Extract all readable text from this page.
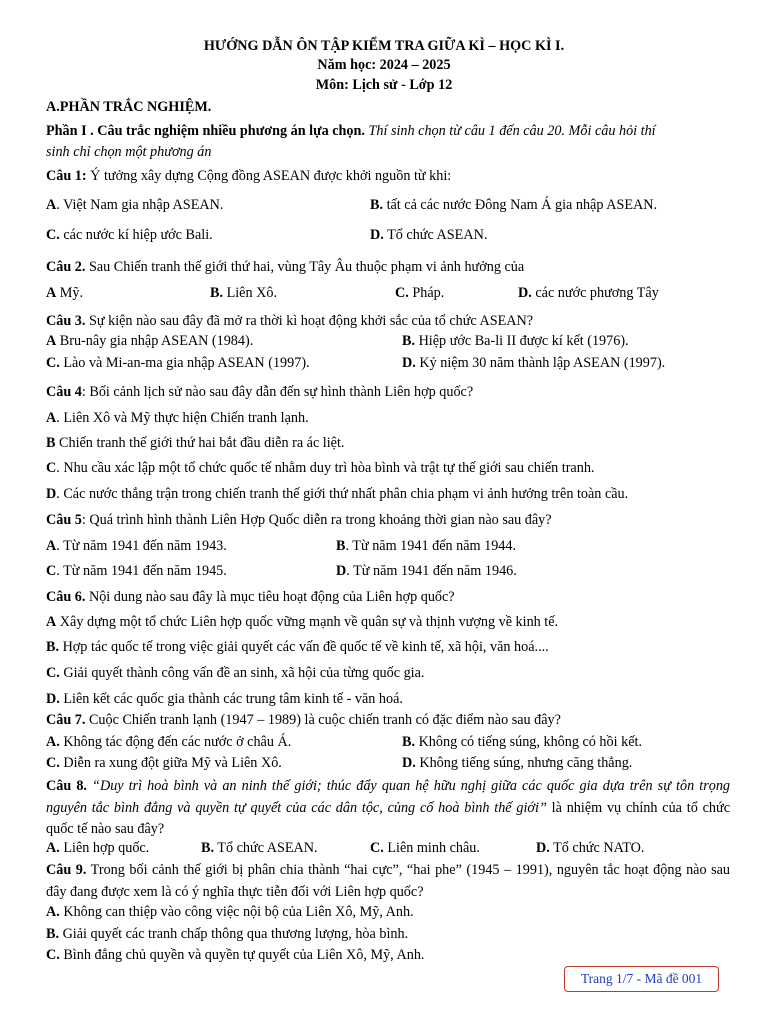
HƯỚNG DẪN ÔN TẬP KIỂM TRA GIỮA KÌ – HỌC KÌ I.
Năm học: 2024 – 2025
Môn: Lịch sử - Lớp 12
A.PHẦN TRẮC NGHIỆM.
Phần I . Câu trắc nghiệm nhiều phương án lựa chọn. Thí sinh chọn từ câu 1 đến câu 20. Mỗi câu hỏi thí
sinh chỉ chọn một phương án
Câu 1: Ý tưởng xây dựng Cộng đồng ASEAN được khởi nguồn từ khi:
A. Việt Nam gia nhập ASEAN.	B. tất cả các nước Đông Nam Á gia nhập ASEAN.
C. các nước kí hiệp ước Bali.	D. Tổ chức ASEAN.
Câu 2. Sau Chiến tranh thế giới thứ hai, vùng Tây Âu thuộc phạm vi ảnh hưởng của
A Mỹ.	B. Liên Xô.	C. Pháp.	D. các nước phương Tây
Câu 3. Sự kiện nào sau đây đã mở ra thời kì hoạt động khởi sắc của tổ chức ASEAN?
A Bru-nây gia nhập ASEAN (1984).	B. Hiệp ước Ba-li II được kí kết (1976).
C. Lào và Mi-an-ma gia nhập ASEAN (1997).	D. Kỷ niệm 30 năm thành lập ASEAN (1997).
Câu 4: Bối cảnh lịch sử nào sau đây dẫn đến sự hình thành Liên hợp quốc?
A. Liên Xô và Mỹ thực hiện Chiến tranh lạnh.
B Chiến tranh thế giới thứ hai bắt đầu diễn ra ác liệt.
C. Nhu cầu xác lập một tổ chức quốc tế nhằm duy trì hòa bình và trật tự thế giới sau chiến tranh.
D. Các nước thắng trận trong chiến tranh thế giới thứ nhất phân chia phạm vi ảnh hưởng trên toàn cầu.
Câu 5: Quá trình hình thành Liên Hợp Quốc diễn ra trong khoảng thời gian nào sau đây?
A. Từ năm 1941 đến năm 1943.	B. Từ năm 1941 đến năm 1944.
C. Từ năm 1941 đến năm 1945.	D. Từ năm 1941 đến năm 1946.
Câu 6. Nội dung nào sau đây là mục tiêu hoạt động của Liên hợp quốc?
A Xây dựng một tổ chức Liên hợp quốc vững mạnh về quân sự và thịnh vượng về kinh tế.
B. Hợp tác quốc tế trong việc giải quyết các vấn đề quốc tế về kinh tế, xã hội, văn hoá....
C. Giải quyết thành công vấn đề an sinh, xã hội của từng quốc gia.
D. Liên kết các quốc gia thành các trung tâm kinh tế - văn hoá.
Câu 7. Cuộc Chiến tranh lạnh (1947 – 1989) là cuộc chiến tranh có đặc điểm nào sau đây?
A. Không tác động đến các nước ở châu Á.	B. Không có tiếng súng, không có hồi kết.
C. Diễn ra xung đột giữa Mỹ và Liên Xô.	D. Không tiếng súng, nhưng căng thẳng.
Câu 8. “Duy trì hoà bình và an ninh thế giới; thúc đẩy quan hệ hữu nghị giữa các quốc gia dựa trên sự tôn trọng nguyên tắc bình đẳng và quyền tự quyết của các dân tộc, củng cố hoà bình thế giới” là nhiệm vụ chính của tổ chức quốc tế nào sau đây?
A. Liên hợp quốc.	B. Tổ chức ASEAN.	C. Liên minh châu.	D. Tổ chức NATO.
Câu 9. Trong bối cảnh thế giới bị phân chia thành “hai cực”, “hai phe” (1945 – 1991), nguyên tắc hoạt động nào sau đây đang được xem là có ý nghĩa thực tiễn đối với Liên hợp quốc?
A. Không can thiệp vào công việc nội bộ của Liên Xô, Mỹ, Anh.
B. Giải quyết các tranh chấp thông qua thương lượng, hòa bình.
C. Bình đẳng chủ quyền và quyền tự quyết của Liên Xô, Mỹ, Anh.
Trang 1/7 - Mã đề 001
